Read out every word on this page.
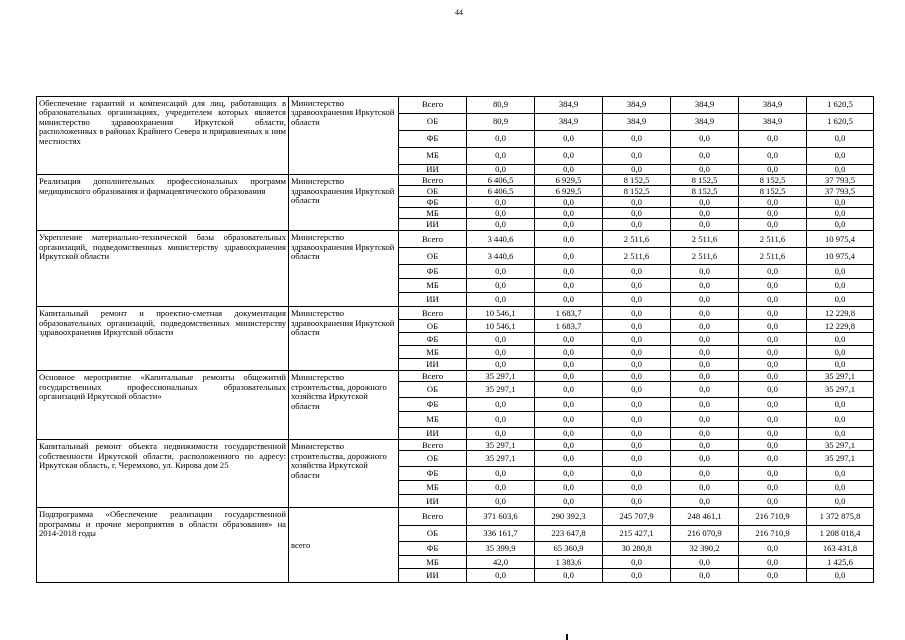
44
Обеспечение гарантий и компенсаций для лиц, работающих в образовательных организациях, учредителем которых является министерство здравоохранения Иркутской области, расположенных в районах Крайнего Севера и приравненных к ним местностях	Министерство здравоохранения Иркутской области	Всего	80,9	384,9	384,9	384,9	384,9	1 620,5
		ОБ	80,9	384,9	384,9	384,9	384,9	1 620,5
		ФБ	0,0	0,0	0,0	0,0	0,0	0,0
		МБ	0,0	0,0	0,0	0,0	0,0	0,0
		ИИ	0,0	0,0	0,0	0,0	0,0	0,0
Реализация дополнительных профессиональных программ медицинского образования и фармацевтического образования	Министерство здравоохранения Иркутской области	Всего	6 406,5	6 929,5	8 152,5	8 152,5	8 152,5	37 793,5
		ОБ	6 406,5	6 929,5	8 152,5	8 152,5	8 152,5	37 793,5
		ФБ	0,0	0,0	0,0	0,0	0,0	0,0
		МБ	0,0	0,0	0,0	0,0	0,0	0,0
		ИИ	0,0	0,0	0,0	0,0	0,0	0,0
Укрепление материально-технической базы образовательных организаций, подведомственных министерству здравоохранения Иркутской области	Министерство здравоохранения Иркутской области	Всего	3 440,6	0,0	2 511,6	2 511,6	2 511,6	10 975,4
		ОБ	3 440,6	0,0	2 511,6	2 511,6	2 511,6	10 975,4
		ФБ	0,0	0,0	0,0	0,0	0,0	0,0
		МБ	0,0	0,0	0,0	0,0	0,0	0,0
		ИИ	0,0	0,0	0,0	0,0	0,0	0,0
Капитальный ремонт и проектно-сметная документация образовательных организаций, подведомственных министерству здравоохранения Иркутской области	Министерство здравоохранения Иркутской области	Всего	10 546,1	1 683,7	0,0	0,0	0,0	12 229,8
		ОБ	10 546,1	1 683,7	0,0	0,0	0,0	12 229,8
		ФБ	0,0	0,0	0,0	0,0	0,0	0,0
		МБ	0,0	0,0	0,0	0,0	0,0	0,0
		ИИ	0,0	0,0	0,0	0,0	0,0	0,0
Основное мероприятие «Капитальные ремонты общежитий государственных профессиональных образовательных организаций Иркутской области»	Министерство строительства, дорожного хозяйства Иркутской области	Всего	35 297,1	0,0	0,0	0,0	0,0	35 297,1
		ОБ	35 297,1	0,0	0,0	0,0	0,0	35 297,1
		ФБ	0,0	0,0	0,0	0,0	0,0	0,0
		МБ	0,0	0,0	0,0	0,0	0,0	0,0
		ИИ	0,0	0,0	0,0	0,0	0,0	0,0
Капитальный ремонт объекта недвижимости государственной собственности Иркутской области, расположенного по адресу: Иркутская область, г. Черемхово, ул. Кирова дом 25	Министерство строительства, дорожного хозяйства Иркутской области	Всего	35 297,1	0,0	0,0	0,0	0,0	35 297,1
		ОБ	35 297,1	0,0	0,0	0,0	0,0	35 297,1
		ФБ	0,0	0,0	0,0	0,0	0,0	0,0
		МБ	0,0	0,0	0,0	0,0	0,0	0,0
		ИИ	0,0	0,0	0,0	0,0	0,0	0,0
Подпрограмма «Обеспечение реализации государственной программы и прочие мероприятия в области образования» на 2014-2018 годы	всего	Всего	371 603,6	290 392,3	245 707,9	248 461,1	216 710,9	1 372 875,8
		ОБ	336 161,7	223 647,8	215 427,1	216 070,9	216 710,9	1 208 018,4
		ФБ	35 399,9	65 360,9	30 280,8	32 390,2	0,0	163 431,8
		МБ	42,0	1 383,6	0,0	0,0	0,0	1 425,6
		ИИ	0,0	0,0	0,0	0,0	0,0	0,0
